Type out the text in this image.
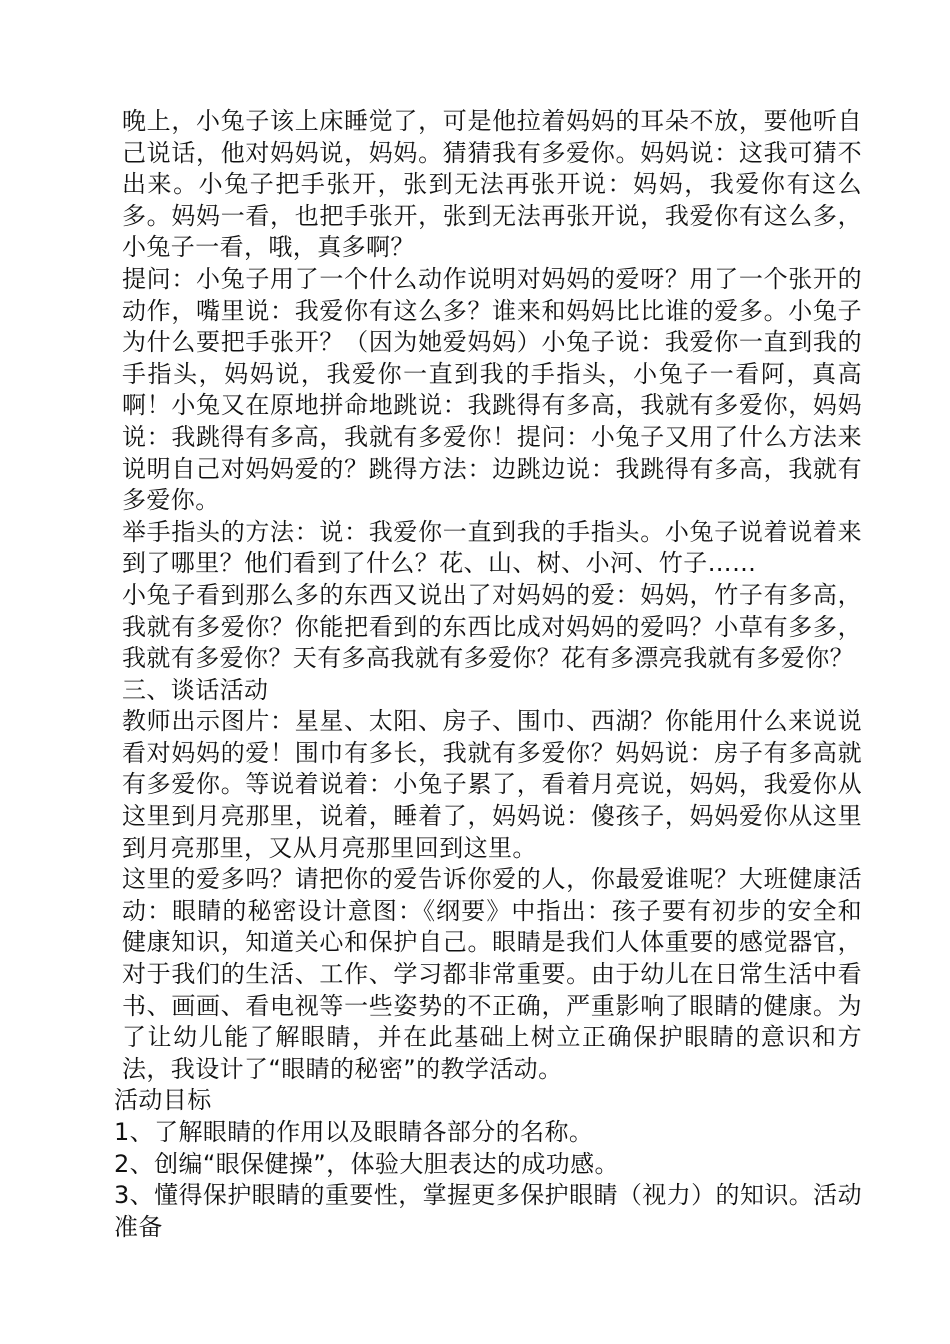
晚上，小兔子该上床睡觉了，可是他拉着妈妈的耳朵不放，要他听自己说话，他对妈妈说，妈妈。猜猜我有多爱你。妈妈说：这我可猜不出来。小兔子把手张开，张到无法再张开说：妈妈，我爱你有这么多。妈妈一看，也把手张开，张到无法再张开说，我爱你有这么多，小兔子一看，哦，真多啊？

提问：小兔子用了一个什么动作说明对妈妈的爱呀？用了一个张开的动作，嘴里说：我爱你有这么多？谁来和妈妈比比谁的爱多。小兔子为什么要把手张开？（因为她爱妈妈）小兔子说：我爱你一直到我的手指头，妈妈说，我爱你一直到我的手指头，小兔子一看阿，真高啊！小兔又在原地拼命地跳说：我跳得有多高，我就有多爱你，妈妈说：我跳得有多高，我就有多爱你！提问：小兔子又用了什么方法来说明自己对妈妈爱的？跳得方法：边跳边说：我跳得有多高，我就有多爱你。

举手指头的方法：说：我爱你一直到我的手指头。小兔子说着说着来到了哪里？他们看到了什么？花、山、树、小河、竹子……

小兔子看到那么多的东西又说出了对妈妈的爱：妈妈，竹子有多高，我就有多爱你？你能把看到的东西比成对妈妈的爱吗？小草有多多，我就有多爱你？天有多高我就有多爱你？花有多漂亮我就有多爱你？

三、谈话活动

教师出示图片：星星、太阳、房子、围巾、西湖？你能用什么来说说看对妈妈的爱！围巾有多长，我就有多爱你？妈妈说：房子有多高就有多爱你。等说着说着：小兔子累了，看着月亮说，妈妈，我爱你从这里到月亮那里，说着，睡着了，妈妈说：傻孩子，妈妈爱你从这里到月亮那里，又从月亮那里回到这里。

这里的爱多吗？请把你的爱告诉你爱的人，你最爱谁呢？大班健康活动：眼睛的秘密设计意图：《纲要》中指出：孩子要有初步的安全和健康知识，知道关心和保护自己。眼睛是我们人体重要的感觉器官，对于我们的生活、工作、学习都非常重要。由于幼儿在日常生活中看书、画画、看电视等一些姿势的不正确，严重影响了眼睛的健康。为了让幼儿能了解眼睛，并在此基础上树立正确保护眼睛的意识和方法，我设计了“眼睛的秘密”的教学活动。

活动目标

1、了解眼睛的作用以及眼睛各部分的名称。

2、创编“眼保健操”，体验大胆表达的成功感。

3、懂得保护眼睛的重要性，掌握更多保护眼睛（视力）的知识。活动准备
